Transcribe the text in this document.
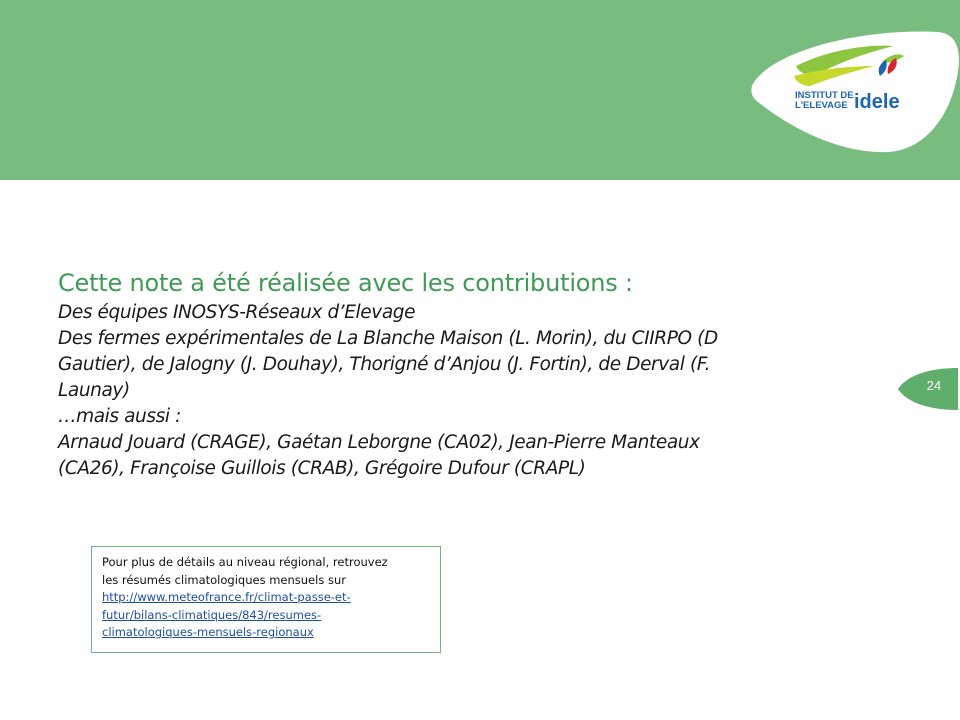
INSTITUT DE
L'ELEVAGE idele
24
Cette note a été réalisée avec les contributions :
Des équipes INOSYS-Réseaux d’Elevage
Des fermes expérimentales de La Blanche Maison (L. Morin), du CIIRPO (D
Gautier), de Jalogny (J. Douhay), Thorigné d’Anjou (J. Fortin), de Derval (F.
Launay)
…mais aussi :
Arnaud Jouard (CRAGE), Gaétan Leborgne (CA02), Jean-Pierre Manteaux
(CA26), Françoise Guillois (CRAB), Grégoire Dufour (CRAPL)

Pour plus de détails au niveau régional, retrouvez

les résumés climatologiques mensuels sur

http://www.meteofrance.fr/climat-passe-et-
futur/bilans-climatiques/843/resumes-
climatologiques-mensuels-regionaux
